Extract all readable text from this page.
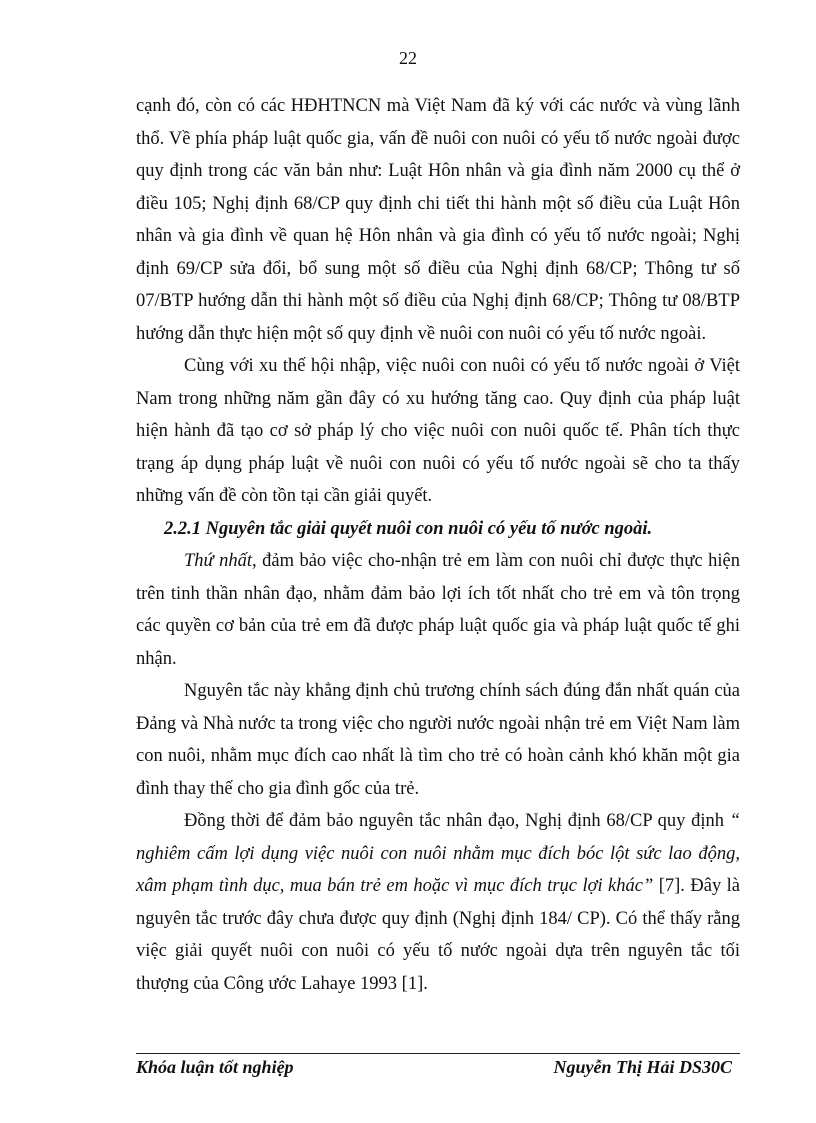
22

cạnh đó, còn có các HĐHTNCN mà Việt Nam đã ký với các nước và vùng lãnh thổ. Về phía pháp luật quốc gia, vấn đề nuôi con nuôi có yếu tố nước ngoài được quy định trong các văn bản như: Luật Hôn nhân và gia đình năm 2000 cụ thể ở điều 105; Nghị định 68/CP quy định chi tiết thi hành một số điều của Luật Hôn nhân và gia đình về quan hệ Hôn nhân và gia đình có yếu tố nước ngoài; Nghị định 69/CP sửa đổi, bổ sung một số điều của Nghị định 68/CP; Thông tư số 07/BTP hướng dẫn thi hành một số điều của Nghị định 68/CP; Thông tư 08/BTP hướng dẫn thực hiện một số quy định về nuôi con nuôi có yếu tố nước ngoài.

Cùng với xu thế hội nhập, việc nuôi con nuôi có yếu tố nước ngoài ở Việt Nam trong những năm gần đây có xu hướng tăng cao. Quy định của pháp luật hiện hành đã tạo cơ sở pháp lý cho việc nuôi con nuôi quốc tế. Phân tích thực trạng áp dụng pháp luật về nuôi con nuôi có yếu tố nước ngoài sẽ cho ta thấy những vấn đề còn tồn tại cần giải quyết.

2.2.1 Nguyên tắc giải quyết nuôi con nuôi có yếu tố nước ngoài.

Thứ nhất, đảm bảo việc cho-nhận trẻ em làm con nuôi chỉ được thực hiện trên tinh thần nhân đạo, nhằm đảm bảo lợi ích tốt nhất cho trẻ em và tôn trọng các quyền cơ bản của trẻ em đã được pháp luật quốc gia và pháp luật quốc tế ghi nhận.

Nguyên tắc này khẳng định chủ trương chính sách đúng đắn nhất quán của Đảng và Nhà nước ta trong việc cho người nước ngoài nhận trẻ em Việt Nam làm con nuôi, nhằm mục đích cao nhất là tìm cho trẻ có hoàn cảnh khó khăn một gia đình thay thế cho gia đình gốc của trẻ.

Đồng thời để đảm bảo nguyên tắc nhân đạo, Nghị định 68/CP quy định “ nghiêm cấm lợi dụng việc nuôi con nuôi nhằm mục đích bóc lột sức lao động, xâm phạm tình dục, mua bán trẻ em hoặc vì mục đích trục lợi khác” [7]. Đây là nguyên tắc trước đây chưa được quy định (Nghị định 184/ CP). Có thể thấy rằng việc giải quyết nuôi con nuôi có yếu tố nước ngoài dựa trên nguyên tắc tối thượng của Công ước Lahaye 1993 [1].

Khóa luận tốt nghiệp	Nguyễn Thị Hải DS30C
